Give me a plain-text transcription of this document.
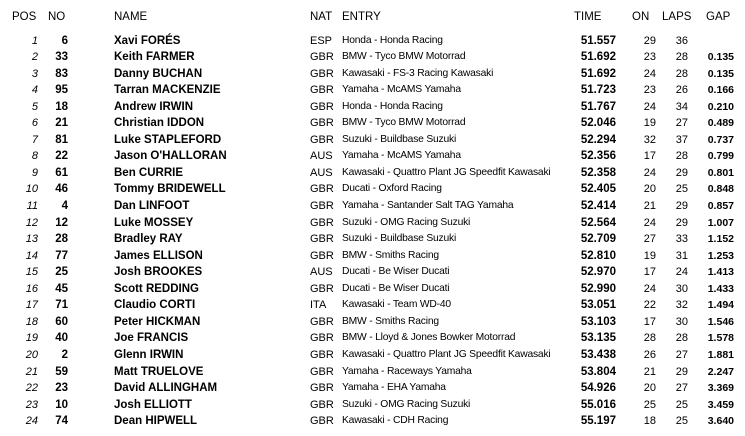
POS NO	NAME	NAT ENTRY	TIME	ON LAPS GAP
1	6	Xavi FORÉS	ESP Honda - Honda Racing	51.557	29	36
2	33	Keith FARMER	GBR BMW - Tyco BMW Motorrad	51.692	23	28	0.135
3	83	Danny BUCHAN	GBR Kawasaki - FS-3 Racing Kawasaki	51.692	24	28	0.135
4	95	Tarran MACKENZIE	GBR Yamaha - McAMS Yamaha	51.723	23	26	0.166
5	18	Andrew IRWIN	GBR Honda - Honda Racing	51.767	24	34	0.210
6	21	Christian IDDON	GBR BMW - Tyco BMW Motorrad	52.046	19	27	0.489
7	81	Luke STAPLEFORD	GBR Suzuki - Buildbase Suzuki	52.294	32	37	0.737
8	22	Jason O'HALLORAN	AUS Yamaha - McAMS Yamaha	52.356	17	28	0.799
9	61	Ben CURRIE	AUS Kawasaki - Quattro Plant JG Speedfit Kawasaki	52.358	24	29	0.801
10	46	Tommy BRIDEWELL	GBR Ducati - Oxford Racing	52.405	20	25	0.848
11	4	Dan LINFOOT	GBR Yamaha - Santander Salt TAG Yamaha	52.414	21	29	0.857
12	12	Luke MOSSEY	GBR Suzuki - OMG Racing Suzuki	52.564	24	29	1.007
13	28	Bradley RAY	GBR Suzuki - Buildbase Suzuki	52.709	27	33	1.152
14	77	James ELLISON	GBR BMW - Smiths Racing	52.810	19	31	1.253
15	25	Josh BROOKES	AUS Ducati - Be Wiser Ducati	52.970	17	24	1.413
16	45	Scott REDDING	GBR Ducati - Be Wiser Ducati	52.990	24	30	1.433
17	71	Claudio CORTI	ITA Kawasaki - Team WD-40	53.051	22	32	1.494
18	60	Peter HICKMAN	GBR BMW - Smiths Racing	53.103	17	30	1.546
19	40	Joe FRANCIS	GBR BMW - Lloyd & Jones Bowker Motorrad	53.135	28	28	1.578
20	2	Glenn IRWIN	GBR Kawasaki - Quattro Plant JG Speedfit Kawasaki	53.438	26	27	1.881
21	59	Matt TRUELOVE	GBR Yamaha - Raceways Yamaha	53.804	21	29	2.247
22	23	David ALLINGHAM	GBR Yamaha - EHA Yamaha	54.926	20	27	3.369
23	10	Josh ELLIOTT	GBR Suzuki - OMG Racing Suzuki	55.016	25	25	3.459
24	74	Dean HIPWELL	GBR Kawasaki - CDH Racing	55.197	18	25	3.640
